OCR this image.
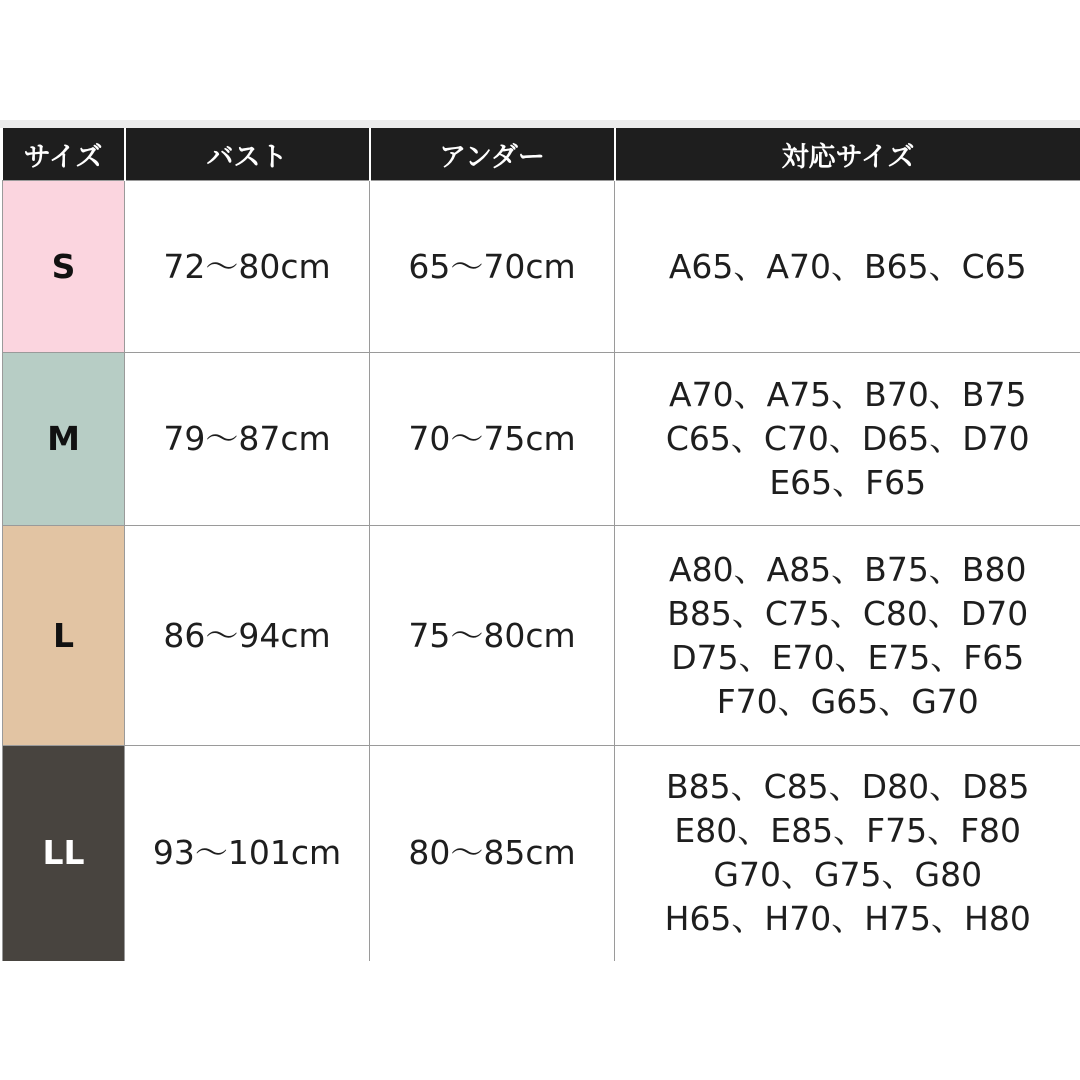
サイズ	バスト	アンダー	対応サイズ
S	72〜80cm	65〜70cm	A65、A70、B65、C65

M	79〜87cm	70〜75cm	A70、A75、B70、B75
C65、C70、D65、D70
E65、F65

L	86〜94cm	75〜80cm	A80、A85、B75、B80
B85、C75、C80、D70
D75、E70、E75、F65
F70、G65、G70

LL	93〜101cm	80〜85cm	B85、C85、D80、D85
E80、E85、F75、F80
G70、G75、G80
H65、H70、H75、H80
